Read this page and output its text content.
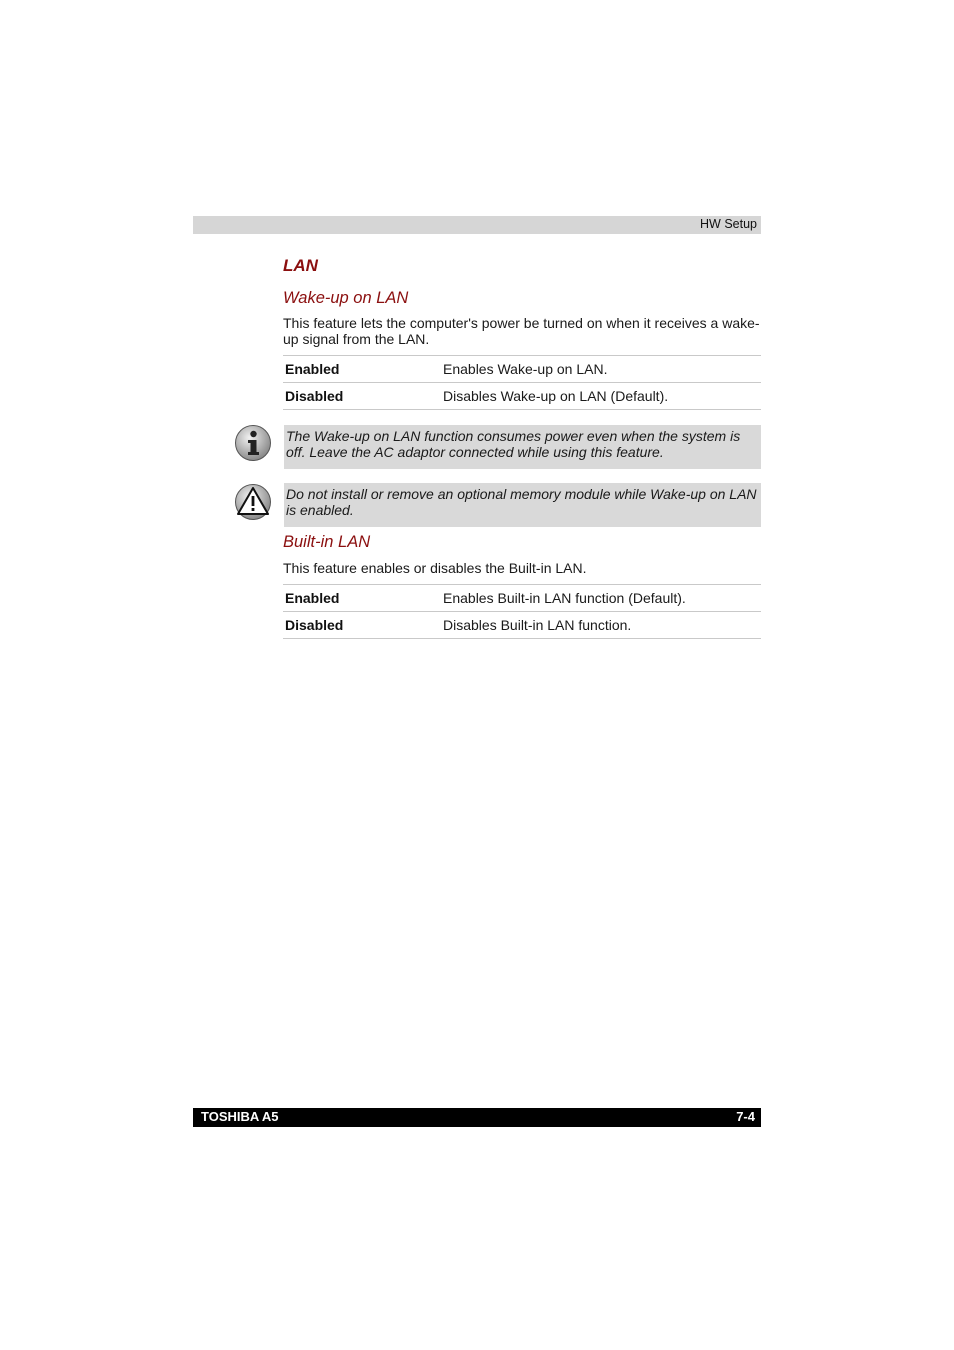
HW Setup
LAN
Wake-up on LAN
This feature lets the computer's power be turned on when it receives a wake-up signal from the LAN.
Enabled	Enables Wake-up on LAN.
Disabled	Disables Wake-up on LAN (Default).
The Wake-up on LAN function consumes power even when the system is off. Leave the AC adaptor connected while using this feature.
Do not install or remove an optional memory module while Wake-up on LAN is enabled.
Built-in LAN
This feature enables or disables the Built-in LAN.
Enabled	Enables Built-in LAN function (Default).
Disabled	Disables Built-in LAN function.
TOSHIBA A5	7-4
